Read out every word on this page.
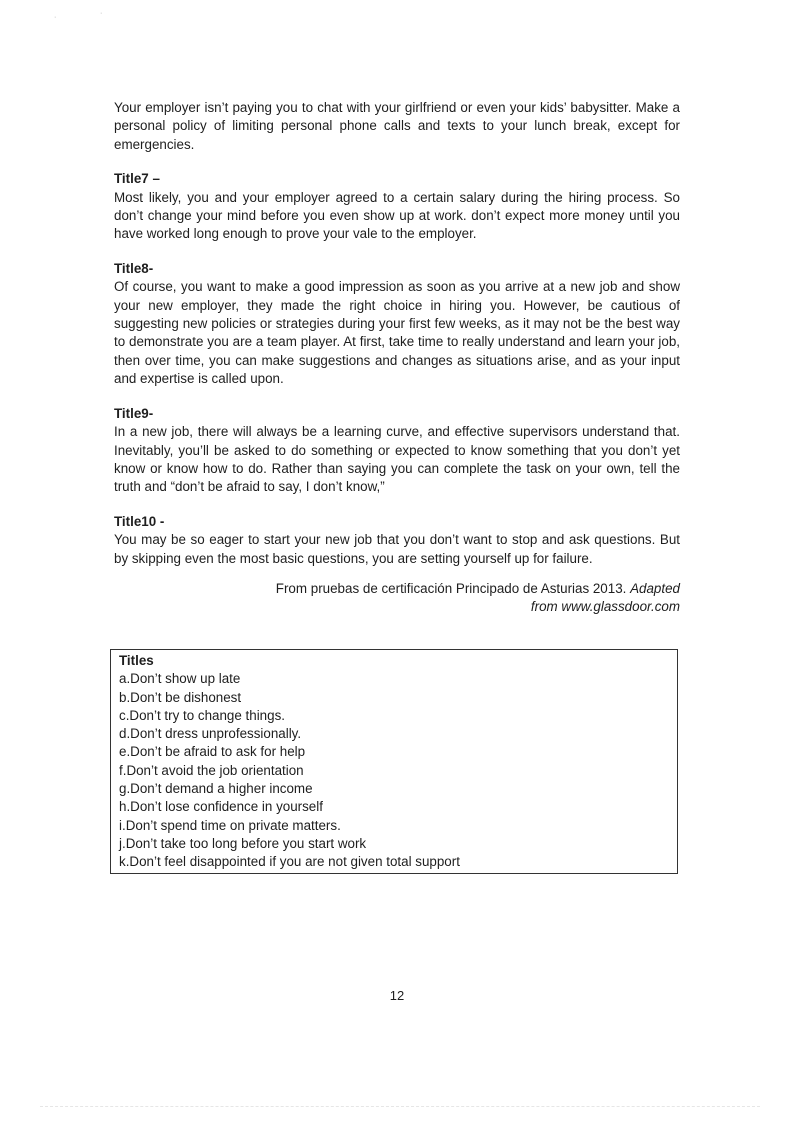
·
·

Your employer isn’t paying you to chat with your girlfriend or even your kids’ babysitter. Make a personal policy of limiting personal phone calls and texts to your lunch break, except for emergencies.

Title7 –

Most likely, you and your employer agreed to a certain salary during the hiring process. So don’t change your mind before you even show up at work. don’t expect more money until you have worked long enough to prove your vale to the employer.

Title8-

Of course, you want to make a good impression as soon as you arrive at a new job and show your new employer, they made the right choice in hiring you. However, be cautious of suggesting new policies or strategies during your first few weeks, as it may not be the best way to demonstrate you are a team player. At first, take time to really understand and learn your job, then over time, you can make suggestions and changes as situations arise, and as your input and expertise is called upon.

Title9-

In a new job, there will always be a learning curve, and effective supervisors understand that. Inevitably, you’ll be asked to do something or expected to know something that you don’t yet know or know how to do. Rather than saying you can complete the task on your own, tell the truth and “don’t be afraid to say, I don’t know,”

Title10 -

You may be so eager to start your new job that you don’t want to stop and ask questions. But by skipping even the most basic questions, you are setting yourself up for failure.

From pruebas de certificación Principado de Asturias 2013. Adapted
from www.glassdoor.com

Titles

a.Don’t show up late
b.Don’t be dishonest
c.Don’t try to change things.
d.Don’t dress unprofessionally.
e.Don’t be afraid to ask for help
f.Don’t avoid the job orientation
g.Don’t demand a higher income
h.Don’t lose confidence in yourself
i.Don’t spend time on private matters.
j.Don’t take too long before you start work
k.Don’t feel disappointed if you are not given total support
12
